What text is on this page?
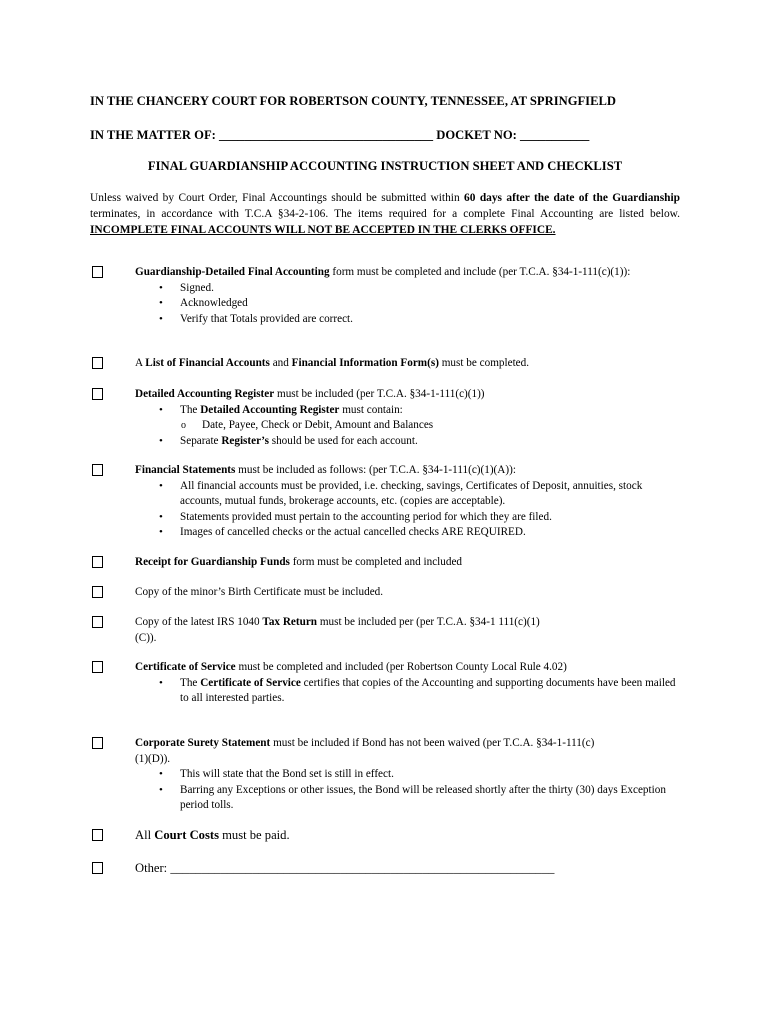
IN THE CHANCERY COURT FOR ROBERTSON COUNTY, TENNESSEE, AT SPRINGFIELD
IN THE MATTER OF: __________________________________ DOCKET NO: ___________
FINAL GUARDIANSHIP ACCOUNTING INSTRUCTION SHEET AND CHECKLIST
Unless waived by Court Order, Final Accountings should be submitted within 60 days after the date of the Guardianship terminates, in accordance with T.C.A §34-2-106. The items required for a complete Final Accounting are listed below. INCOMPLETE FINAL ACCOUNTS WILL NOT BE ACCEPTED IN THE CLERKS OFFICE.
Guardianship-Detailed Final Accounting form must be completed and include (per T.C.A. §34-1-111(c)(1)):
• Signed.
• Acknowledged
• Verify that Totals provided are correct.
A List of Financial Accounts and Financial Information Form(s) must be completed.
Detailed Accounting Register must be included (per T.C.A. §34-1-111(c)(1))
• The Detailed Accounting Register must contain:
o Date, Payee, Check or Debit, Amount and Balances
• Separate Register’s should be used for each account.
Financial Statements must be included as follows: (per T.C.A. §34-1-111(c)(1)(A)):
• All financial accounts must be provided, i.e. checking, savings, Certificates of Deposit, annuities, stock accounts, mutual funds, brokerage accounts, etc. (copies are acceptable).
• Statements provided must pertain to the accounting period for which they are filed.
• Images of cancelled checks or the actual cancelled checks ARE REQUIRED.
Receipt for Guardianship Funds form must be completed and included
Copy of the minor’s Birth Certificate must be included.
Copy of the latest IRS 1040 Tax Return must be included per (per T.C.A. §34-1 111(c)(1)(C)).
Certificate of Service must be completed and included (per Robertson County Local Rule 4.02)
• The Certificate of Service certifies that copies of the Accounting and supporting documents have been mailed to all interested parties.
Corporate Surety Statement must be included if Bond has not been waived (per T.C.A. §34-1-111(c)(1)(D)).
• This will state that the Bond set is still in effect.
• Barring any Exceptions or other issues, the Bond will be released shortly after the thirty (30) days Exception period tolls.
All Court Costs must be paid.
Other: _____________________________________________________________
